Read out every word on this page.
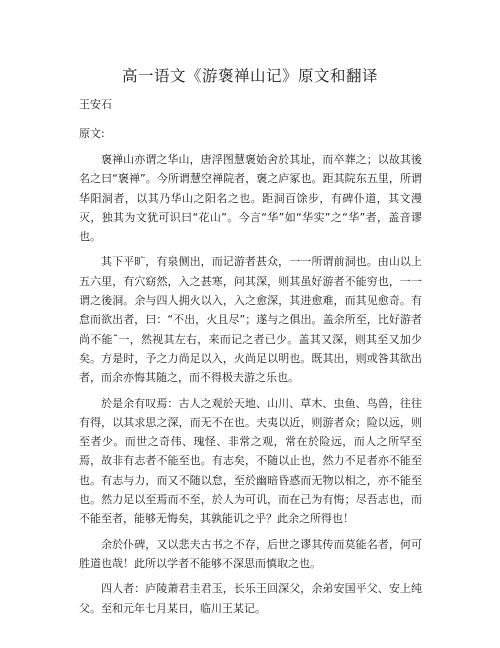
高一语文《游褒禅山记》原文和翻译
王安石
原文:

褒禅山亦谓之华山，唐浮图慧褒始舍於其址，而卒葬之；以故其後名之曰“褒禅”。今所谓慧空禅院者，褒之庐冢也。距其院东五里，所谓华阳洞者，以其乃华山之阳名之也。距洞百馀步，有碑仆道，其文漫灭，独其为文犹可识曰“花山”。今言“华”如“华实”之“华”者，盖音谬也。

其下平旷，有泉侧出，而记游者甚众，一一所谓前洞也。由山以上五六里，有穴窈然，入之甚寒，问其深，则其虽好游者不能穷也，一一谓之後洞。余与四人拥火以入，入之愈深，其进愈难，而其见愈奇。有怠而欲出者，曰：“不出，火且尽”；遂与之俱出。盖余所至，比好游者尚不能˜一，然视其左右，来而记之者已少。盖其又深，则其至又加少矣。方是时，予之力尚足以入，火尚足以明也。既其出，则或咎其欲出者，而余亦悔其随之，而不得极夫游之乐也。

於是余有叹焉：古人之观於天地、山川、草木、虫鱼、鸟兽，往往有得，以其求思之深，而无不在也。夫夷以近，则游者众；险以远，则至者少。而世之奇伟、瑰怪、非常之观，常在於险远，而人之所罕至焉，故非有志者不能至也。有志矣，不随以止也，然力不足者亦不能至也。有志与力，而又不随以怠，至於幽暗昏惑而无物以相之，亦不能至也。然力足以至焉而不至，於人为可讥，而在己为有悔；尽吾志也，而不能至者，能够无悔矣，其孰能讥之乎？此余之所得也！

余於仆碑，又以悲夫古书之不存，后世之谬其传而莫能名者，何可胜道也哉！此所以学者不能够不深思而慎取之也。

四人者：庐陵萧君圭君玉，长乐王回深父，余弟安国平父、安上纯父。至和元年七月某日，临川王某记。
